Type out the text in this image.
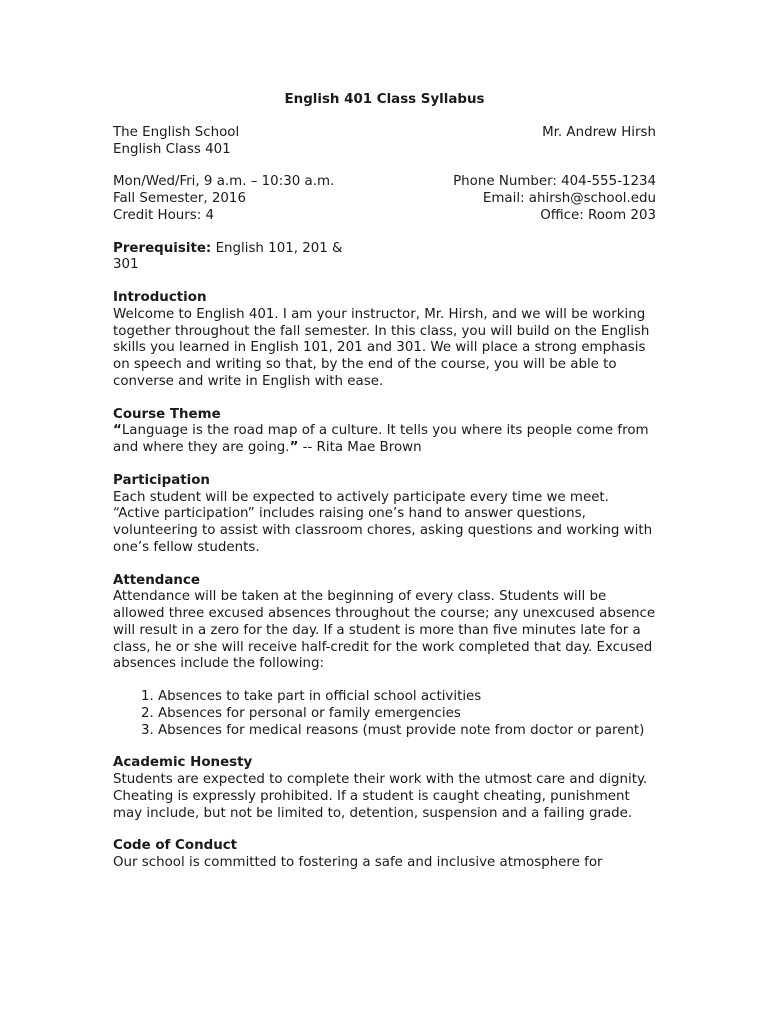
English 401 Class Syllabus
The English School
English Class 401
Mr. Andrew Hirsh
Mon/Wed/Fri, 9 a.m. – 10:30 a.m.
Fall Semester, 2016
Credit Hours: 4
Phone Number: 404-555-1234
Email: ahirsh@school.edu
Office: Room 203
Prerequisite: English 101, 201 & 301
Introduction

Welcome to English 401. I am your instructor, Mr. Hirsh, and we will be working together throughout the fall semester. In this class, you will build on the English skills you learned in English 101, 201 and 301. We will place a strong emphasis on speech and writing so that, by the end of the course, you will be able to converse and write in English with ease.

Course Theme

“Language is the road map of a culture. It tells you where its people come from and where they are going.” -- Rita Mae Brown

Participation

Each student will be expected to actively participate every time we meet. “Active participation” includes raising one’s hand to answer questions, volunteering to assist with classroom chores, asking questions and working with one’s fellow students.

Attendance

Attendance will be taken at the beginning of every class. Students will be allowed three excused absences throughout the course; any unexcused absence will result in a zero for the day. If a student is more than five minutes late for a class, he or she will receive half-credit for the work completed that day. Excused absences include the following:

1. Absences to take part in official school activities
2. Absences for personal or family emergencies
3. Absences for medical reasons (must provide note from doctor or parent)
Academic Honesty

Students are expected to complete their work with the utmost care and dignity. Cheating is expressly prohibited. If a student is caught cheating, punishment may include, but not be limited to, detention, suspension and a failing grade.

Code of Conduct

Our school is committed to fostering a safe and inclusive atmosphere for
